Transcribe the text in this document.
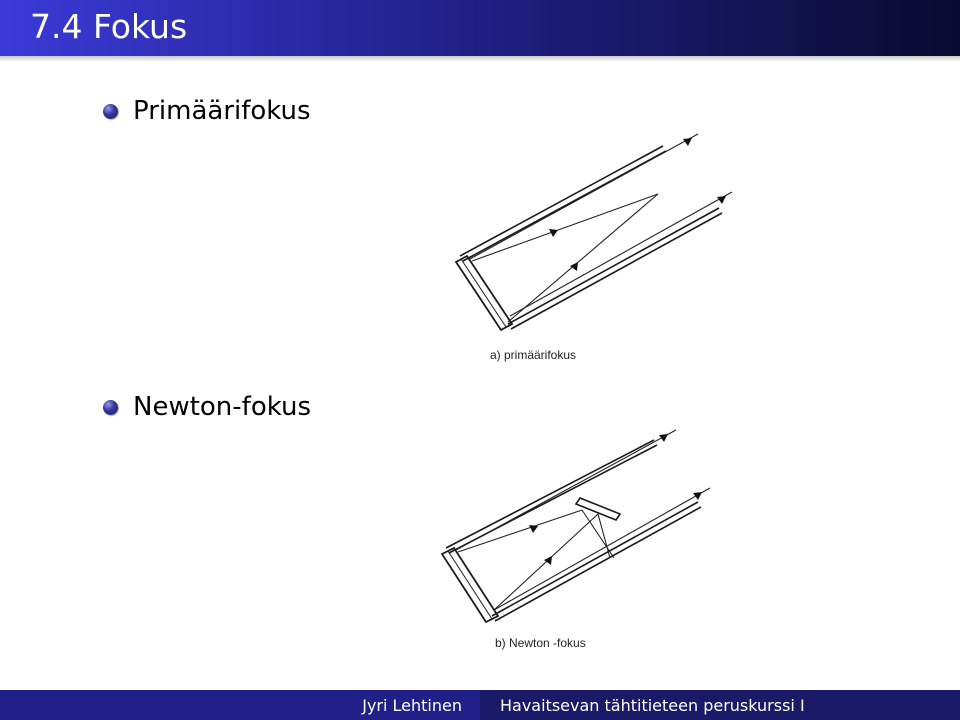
7.4 Fokus
Primäärifokus
a) primäärifokus
Newton-fokus
b) Newton -fokus
Jyri Lehtinen	Havaitsevan tähtitieteen peruskurssi I
